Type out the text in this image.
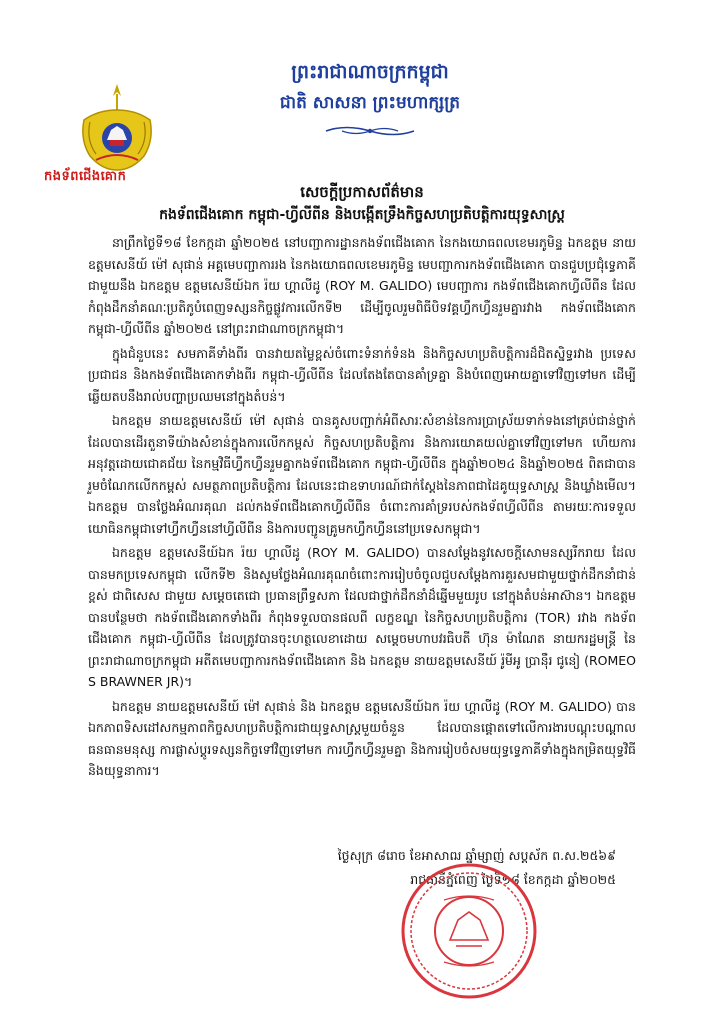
កងទ័ពជើងគោក
ព្រះរាជាណាចក្រកម្ពុជា
ជាតិ សាសនា ព្រះមហាក្សត្រ
សេចក្តីប្រកាសព័ត៌មាន
កងទ័ពជើងគោក កម្ពុជា-ហ្វីលីពីន និងបង្កើតទ្រឹងកិច្ចសហប្រតិបត្តិការយុទ្ធសាស្ត្រ

នាព្រឹកថ្ងៃទី១៨ ខែកក្កដា ឆ្នាំ២០២៥ នៅបញ្ជាការដ្ឋានកងទ័ពជើងគោក នៃកងយោធពលខេមរភូមិន្ទ ឯកឧត្តម នាយឧត្តមសេនីយ៍ ម៉ៅ សុផាន់ អគ្គមេបញ្ជាការរង នៃកងយោធពលខេមរភូមិន្ទ មេបញ្ជាការកងទ័ពជើងគោក បានជួបប្រជុំទ្វេភាគីជាមួយនឹង ឯកឧត្តម ឧត្តមសេនីយ៍ឯក រ៉យ ហ្គាលីដូ (ROY M. GALIDO) មេបញ្ជាការ កងទ័ពជើងគោកហ្វីលីពីន ដែលកំពុងដឹកនាំគណៈប្រតិភូបំពេញទស្សនកិច្ចផ្លូវការលើកទី២ ដើម្បីចូលរួមពិធីបិទវគ្គហ្វឹកហ្វឺនរួមគ្នារវាង កងទ័ពជើងគោកកម្ពុជា-ហ្វីលីពីន ឆ្នាំ២០២៥ នៅព្រះរាជាណាចក្រកម្ពុជា។

ក្នុងជំនួបនេះ សមភាគីទាំងពីរ បានវាយតម្លៃខ្ពស់ចំពោះទំនាក់ទំនង និងកិច្ចសហប្រតិបត្តិការដ៏ជិតស្និទ្ធរវាង ប្រទេស ប្រជាជន និងកងទ័ពជើងគោកទាំងពីរ កម្ពុជា-ហ្វីលីពីន ដែលតែងតែបានគាំទ្រគ្នា និងបំពេញអោយគ្នាទៅវិញទៅមក ដើម្បីឆ្លើយតបនឹងរាល់បញ្ហាប្រឈមនៅក្នុងតំបន់។

ឯកឧត្តម នាយឧត្តមសេនីយ៍ ម៉ៅ សុផាន់ បានគូសបញ្ជាក់អំពីសារៈសំខាន់នៃការប្រាស្រ័យទាក់ទងនៅគ្រប់ជាន់ថ្នាក់ ដែលបានដើរតួនាទីយ៉ាងសំខាន់ក្នុងការលើកកម្ពស់ កិច្ចសហប្រតិបត្តិការ និងការយោគយល់គ្នាទៅវិញទៅមក ហើយការអនុវត្តដោយជោគជ័យ នៃកម្មវិធីហ្វឹកហ្វឺនរួមគ្នាកងទ័ពជើងគោក កម្ពុជា-ហ្វីលីពីន ក្នុងឆ្នាំ២០២៤ និងឆ្នាំ២០២៥ ពិតជាបានរួមចំណែកលើកកម្ពស់ សមត្ថភាពប្រតិបត្តិការ ដែលនេះជាឧទាហរណ៍ជាក់ស្តែងនៃភាពជាដៃគូយុទ្ធសាស្ត្រ និងឃ្លាំងមើល។ ឯកឧត្តម បានថ្លែងអំណរគុណ ដល់កងទ័ពជើងគោកហ្វីលីពីន ចំពោះការគាំទ្ររបស់កងទ័ពហ្វីលីពីន តាមរយៈការទទួលយោធិនកម្ពុជាទៅហ្វឹកហ្វឺននៅហ្វីលីពីន និងការបញ្ជូនគ្រូមកហ្វឹកហ្វឺននៅប្រទេសកម្ពុជា។

ឯកឧត្តម ឧត្តមសេនីយ៍ឯក រ៉យ ហ្គាលីដូ (ROY M. GALIDO) បានសម្តែងនូវសេចក្តីសោមនស្សរីករាយ ដែលបានមកប្រទេសកម្ពុជា លើកទី២ និងសូមថ្លែងអំណរគុណចំពោះការរៀបចំចូលជួបសម្តែងការគួរសមជាមួយថ្នាក់ដឹកនាំជាន់ខ្ពស់ ជាពិសេស ជាមួយ សម្តេចតេជោ ប្រធានព្រឹទ្ធសភា ដែលជាថ្នាក់ដឹកនាំដ៏ឆ្នើមមួយរូប នៅក្នុងតំបន់អាស៊ាន។ ឯកឧត្តម បានបន្ថែមថា កងទ័ពជើងគោកទាំងពីរ កំពុងទទួលបានផលពី លក្ខខណ្ឌ នៃកិច្ចសហប្រតិបត្តិការ (TOR) រវាង កងទ័ពជើងគោក កម្ពុជា-ហ្វីលីពីន ដែលត្រូវបានចុះហត្ថលេខាដោយ សម្តេចមហាបវរធិបតី ហ៊ុន ម៉ាណែត នាយករដ្ឋមន្ត្រី នៃព្រះរាជាណាចក្រកម្ពុជា អតីតមេបញ្ជាការកងទ័ពជើងគោក និង ឯកឧត្តម នាយឧត្តមសេនីយ៍ រ៉ូមីអូ ប្រាន៉ឺរ ជូនៀ (ROMEO S BRAWNER JR)។

ឯកឧត្តម នាយឧត្តមសេនីយ៍ ម៉ៅ សុផាន់ និង ឯកឧត្តម ឧត្តមសេនីយ៍ឯក រ៉យ ហ្គាលីដូ (ROY M. GALIDO) បានឯកភាពទិសដៅសកម្មភាពកិច្ចសហប្រតិបត្តិការជាយុទ្ធសាស្ត្រមួយចំនួន ដែលបានផ្តោតទៅលើការងារបណ្តុះបណ្តាលធនធានមនុស្ស ការផ្លាស់ប្តូរទស្សនកិច្ចទៅវិញទៅមក ការហ្វឹកហ្វឺនរួមគ្នា និងការរៀបចំសមយុទ្ធទ្វេភាគីទាំងក្នុងកម្រិតយុទ្ធវិធី និងយុទ្ធនាការ។

ថ្ងៃសុក្រ ៨រោច ខែអាសាឍ ឆ្នាំម្សាញ់ សប្តស័ក ព.ស.២៥៦៩
រាជធានីភ្នំពេញ ថ្ងៃទី១៨ ខែកក្កដា ឆ្នាំ២០២៥
